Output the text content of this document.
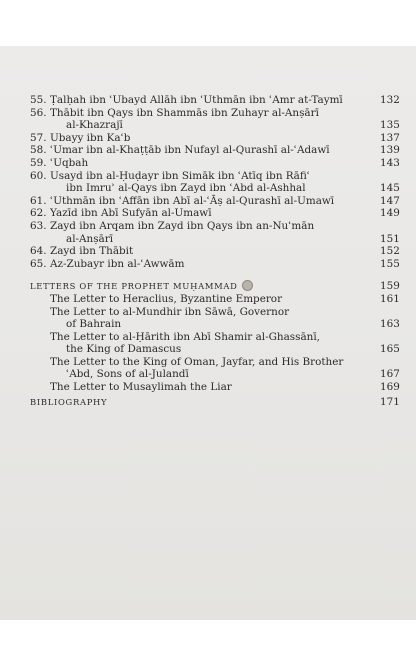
55. Ṭalḥah ibn ʿUbayd Allāh ibn ʿUthmān ibn ʿAmr at-Taymī	132
56. Thābit ibn Qays ibn Shammās ibn Zuhayr al-Anṣārī
al-Khazrajī	135
57. Ubayy ibn Kaʿb	137
58. ʿUmar ibn al-Khaṭṭāb ibn Nufayl al-Qurashī al-ʿAdawī	139
59. ʿUqbah	143
60. Usayd ibn al-Ḥuḍayr ibn Simāk ibn ʿAtīq ibn Rāfiʿ
ibn Imruʾ al-Qays ibn Zayd ibn ʿAbd al-Ashhal	145
61. ʿUthmān ibn ʿAffān ibn Abī al-ʿĀṣ al-Qurashī al-Umawī	147
62. Yazīd ibn Abī Sufyān al-Umawī	149
63. Zayd ibn Arqam ibn Zayd ibn Qays ibn an-Nuʿmān
al-Anṣārī	151
64. Zayd ibn Thābit	152
65. Az-Zubayr ibn al-ʿAwwām	155
LETTERS OF THE PROPHET MUḤAMMAD	159
The Letter to Heraclius, Byzantine Emperor	161
The Letter to al-Mundhir ibn Sāwā, Governor
of Bahrain	163
The Letter to al-Ḥārith ibn Abī Shamir al-Ghassānī,
the King of Damascus	165
The Letter to the King of Oman, Jayfar, and His Brother
ʿAbd, Sons of al-Julandī	167
The Letter to Musaylimah the Liar	169
BIBLIOGRAPHY	171
